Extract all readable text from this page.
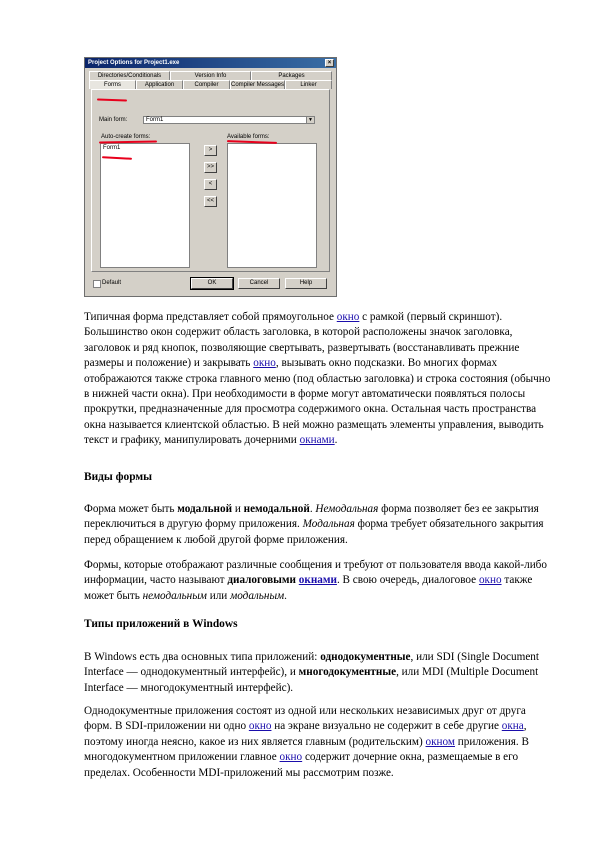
Project Options for Project1.exe	×
Directories/Conditionals	Version Info	Packages
Forms	Application	Compiler	Compiler Messages	Linker
Main form:	Form1	▼
Auto-create forms:
Form1	>
>>
<
<<
Available forms:
Default	OK	Cancel	Help

Типичная форма представляет собой прямоугольное окно с рамкой (первый скриншот). Большинство окон содержит область заголовка, в которой расположены значок заголовка, заголовок и ряд кнопок, позволяющие свертывать, развертывать (восстанавливать прежние размеры и положение) и закрывать окно, вызывать окно подсказки. Во многих формах отображаются также строка главного меню (под областью заголовка) и строка состояния (обычно в нижней части окна). При необходимости в форме могут автоматически появляться полосы прокрутки, предназначенные для просмотра содержимого окна. Остальная часть пространства окна называется клиентской областью. В ней можно размещать элементы управления, выводить текст и графику, манипулировать дочерними окнами.

Виды формы

Форма может быть модальной и немодальной. Немодальная форма позволяет без ее закрытия переключиться в другую форму приложения. Модальная форма требует обязательного закрытия перед обращением к любой другой форме приложения.

Формы, которые отображают различные сообщения и требуют от пользователя ввода какой-либо информации, часто называют диалоговыми окнами. В свою очередь, диалоговое окно также может быть немодальным или модальным.

Типы приложений в Windows

В Windows есть два основных типа приложений: однодокументные, или SDI (Single Document Interface — однодокументный интерфейс), и многодокументные, или MDI (Multiple Document Interface — многодокументный интерфейс).

Однодокументные приложения состоят из одной или нескольких независимых друг от друга форм. В SDI-приложении ни одно окно на экране визуально не содержит в себе другие окна, поэтому иногда неясно, какое из них является главным (родительским) окном приложения. В многодокументном приложении главное окно содержит дочерние окна, размещаемые в его пределах. Особенности MDI-приложений мы рассмотрим позже.
